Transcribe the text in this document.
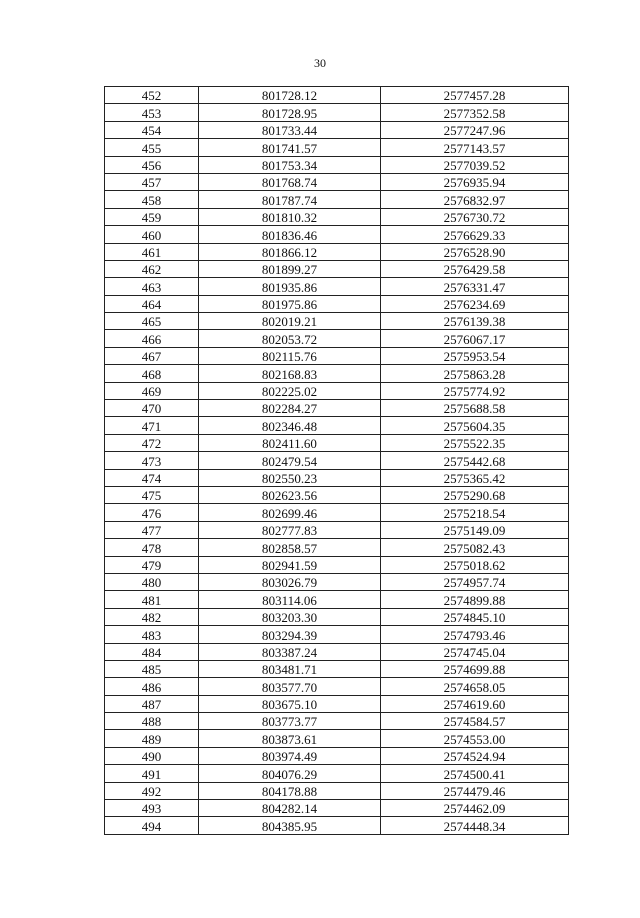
30
452	801728.12	2577457.28
453	801728.95	2577352.58
454	801733.44	2577247.96
455	801741.57	2577143.57
456	801753.34	2577039.52
457	801768.74	2576935.94
458	801787.74	2576832.97
459	801810.32	2576730.72
460	801836.46	2576629.33
461	801866.12	2576528.90
462	801899.27	2576429.58
463	801935.86	2576331.47
464	801975.86	2576234.69
465	802019.21	2576139.38
466	802053.72	2576067.17
467	802115.76	2575953.54
468	802168.83	2575863.28
469	802225.02	2575774.92
470	802284.27	2575688.58
471	802346.48	2575604.35
472	802411.60	2575522.35
473	802479.54	2575442.68
474	802550.23	2575365.42
475	802623.56	2575290.68
476	802699.46	2575218.54
477	802777.83	2575149.09
478	802858.57	2575082.43
479	802941.59	2575018.62
480	803026.79	2574957.74
481	803114.06	2574899.88
482	803203.30	2574845.10
483	803294.39	2574793.46
484	803387.24	2574745.04
485	803481.71	2574699.88
486	803577.70	2574658.05
487	803675.10	2574619.60
488	803773.77	2574584.57
489	803873.61	2574553.00
490	803974.49	2574524.94
491	804076.29	2574500.41
492	804178.88	2574479.46
493	804282.14	2574462.09
494	804385.95	2574448.34
